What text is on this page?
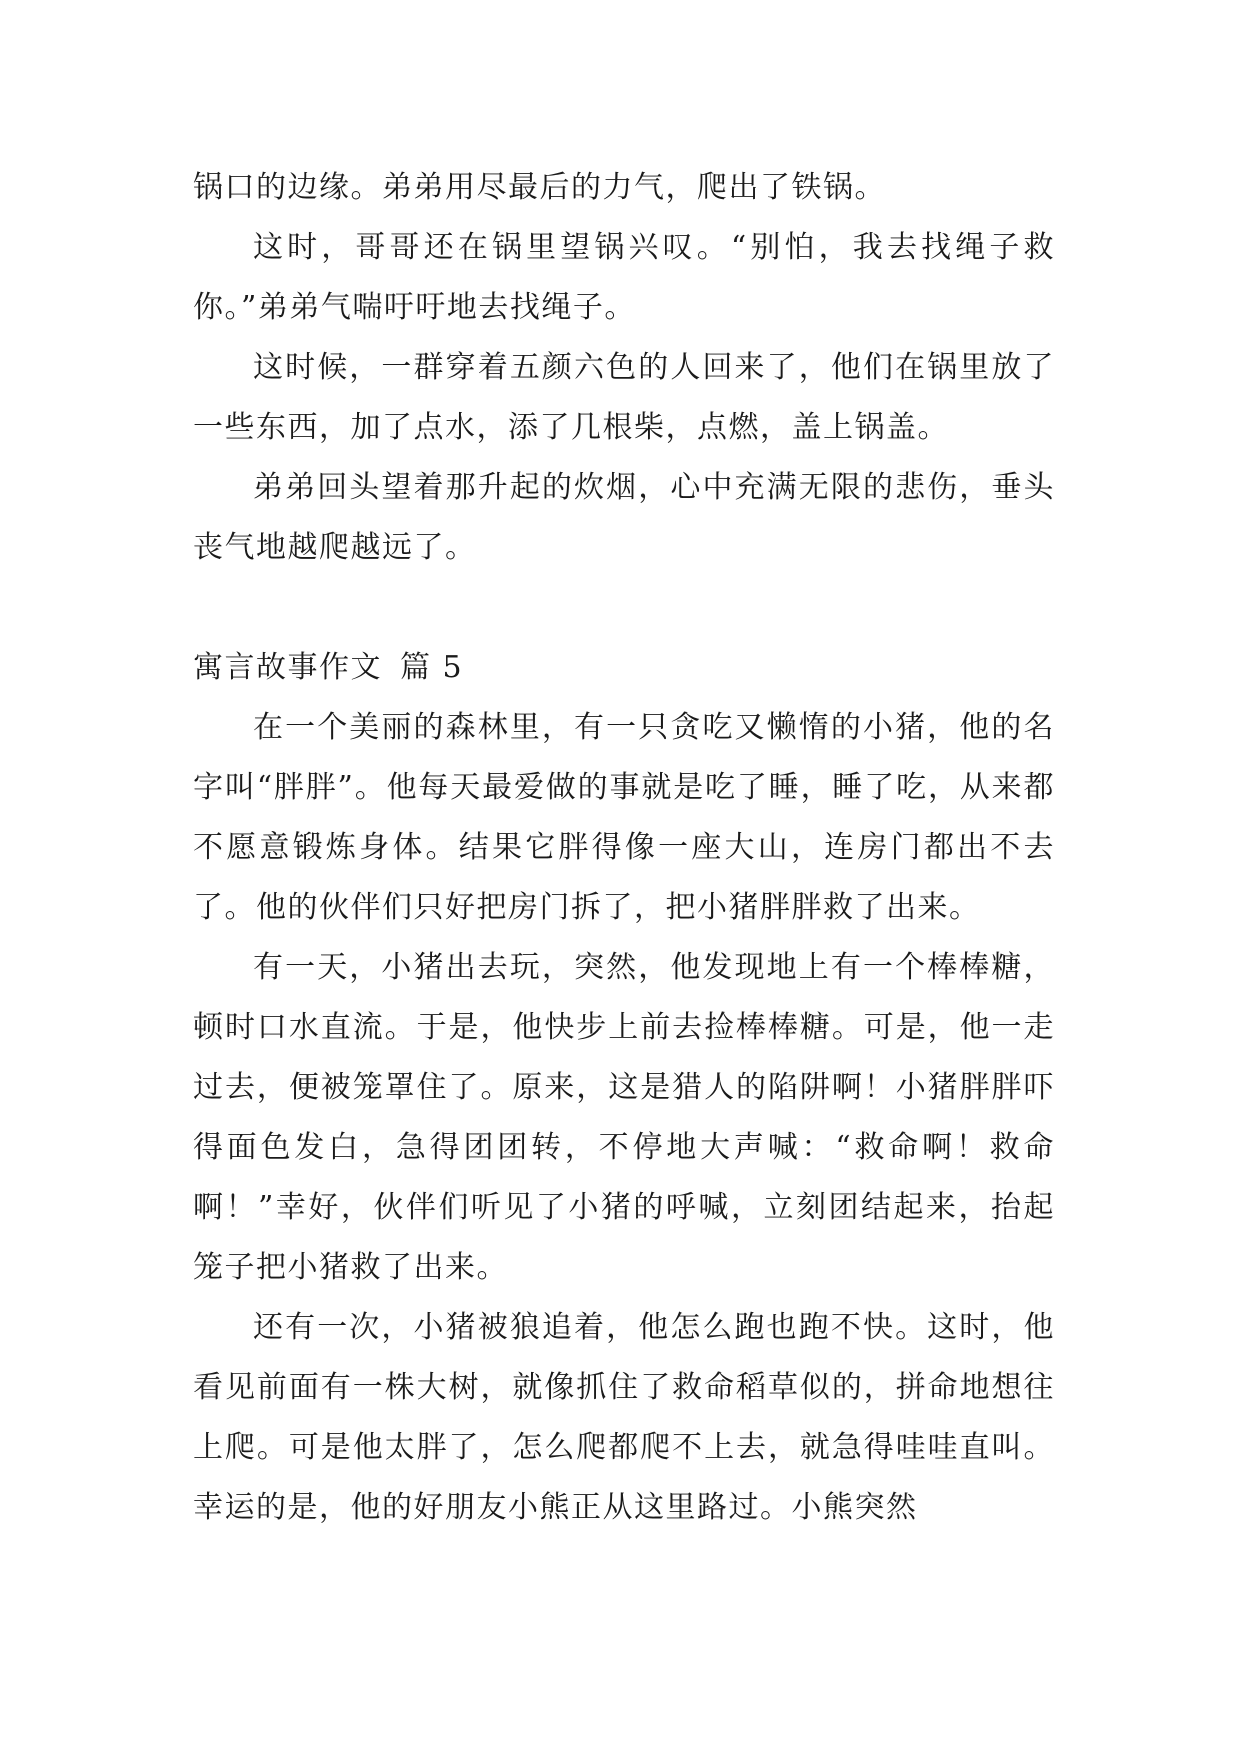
锅口的边缘。弟弟用尽最后的力气，爬出了铁锅。

这时，哥哥还在锅里望锅兴叹。“别怕，我去找绳子救你。”弟弟气喘吁吁地去找绳子。

这时候，一群穿着五颜六色的人回来了，他们在锅里放了一些东西，加了点水，添了几根柴，点燃，盖上锅盖。

弟弟回头望着那升起的炊烟，心中充满无限的悲伤，垂头丧气地越爬越远了。

寓言故事作文 篇 5

在一个美丽的森林里，有一只贪吃又懒惰的小猪，他的名字叫“胖胖”。他每天最爱做的事就是吃了睡，睡了吃，从来都不愿意锻炼身体。结果它胖得像一座大山，连房门都出不去了。他的伙伴们只好把房门拆了，把小猪胖胖救了出来。

有一天，小猪出去玩，突然，他发现地上有一个棒棒糖，顿时口水直流。于是，他快步上前去捡棒棒糖。可是，他一走过去，便被笼罩住了。原来，这是猎人的陷阱啊！小猪胖胖吓得面色发白，急得团团转，不停地大声喊：“救命啊！救命啊！”幸好，伙伴们听见了小猪的呼喊，立刻团结起来，抬起笼子把小猪救了出来。

还有一次，小猪被狼追着，他怎么跑也跑不快。这时，他看见前面有一株大树，就像抓住了救命稻草似的，拼命地想往上爬。可是他太胖了，怎么爬都爬不上去，就急得哇哇直叫。幸运的是，他的好朋友小熊正从这里路过。小熊突然
